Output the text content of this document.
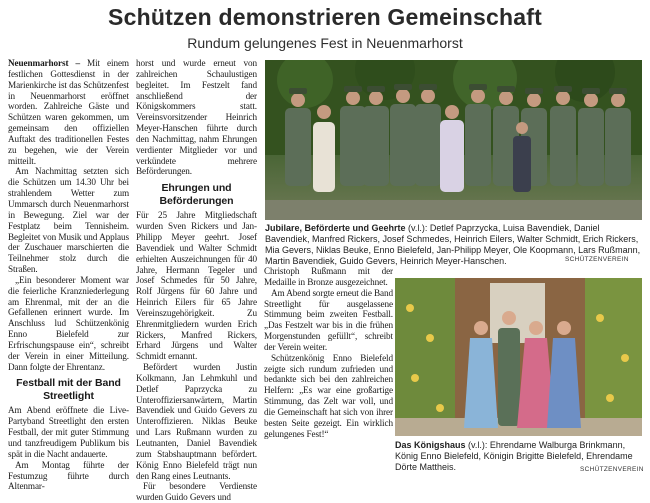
Schützen demonstrieren Gemeinschaft
Rundum gelungenes Fest in Neuenmarhorst

Neuenmarhorst – Mit einem festlichen Gottesdienst in der Marienkirche ist das Schützenfest in Neuenmarhorst eröffnet worden. Zahlreiche Gäste und Schützen waren gekommen, um gemeinsam den offiziellen Auftakt des traditionellen Festes zu begehen, wie der Verein mitteilt.

Am Nachmittag setzten sich die Schützen um 14.30 Uhr bei strahlendem Wetter zum Ummarsch durch Neuenmarhorst in Bewegung. Ziel war der Festplatz beim Tennisheim. Begleitet von Musik und Applaus der Zuschauer marschierten die Teilnehmer stolz durch die Straßen.

„Ein besonderer Moment war die feierliche Kranzniederlegung am Ehrenmal, mit der an die Gefallenen erinnert wurde. Im Anschluss lud Schützenkönig Enno Bielefeld zur Erfrischungspause ein“, schreibt der Verein in einer Mitteilung. Dann folgte der Ehrentanz.

Festball mit der Band Streetlight

Am Abend eröffnete die Live-Partyband Streetlight den ersten Festball, der mit guter Stimmung und tanzfreudigem Publikum bis spät in die Nacht andauerte.

Am Montag führte der Festumzug führte durch Altenmar-

horst und wurde erneut von zahlreichen Schaulustigen begleitet. Im Festzelt fand anschließend der Königskommers statt. Vereinsvorsitzender Heinrich Meyer-Hanschen führte durch den Nachmittag, nahm Ehrungen verdienter Mitglieder vor und verkündete mehrere Beförderungen.

Ehrungen und Beförderungen

Für 25 Jahre Mitgliedschaft wurden Sven Rickers und Jan-Philipp Meyer geehrt. Josef Bavendiek und Walter Schmidt erhielten Auszeichnungen für 40 Jahre, Hermann Tegeler und Josef Schmedes für 50 Jahre, Rolf Jürgens für 60 Jahre und Heinrich Eilers für 65 Jahre Vereinszugehörigkeit. Zu Ehrenmitgliedern wurden Erich Rickers, Manfred Rickers, Erhard Jürgens und Walter Schmidt ernannt.

Befördert wurden Justin Kolkmann, Jan Lehmkuhl und Detlef Paprzycka zu Unteroffiziersanwärtern, Martin Bavendiek und Guido Gevers zu Unteroffizieren. Niklas Beuke und Lars Rußmann wurden zu Leutnanten, Daniel Bavendiek zum Stabshauptmann befördert. König Enno Bielefeld trägt nun den Rang eines Leutnants.

Für besondere Verdienste wurden Guido Gevers und

Jubilare, Beförderte und Geehrte (v.l.): Detlef Paprzycka, Luisa Bavendiek, Daniel Bavendiek, Manfred Rickers, Josef Schmedes, Heinrich Eilers, Walter Schmidt, Erich Rickers, Mia Gevers, Niklas Beuke, Enno Bielefeld, Jan-Philipp Meyer, Ole Koopmann, Lars Rußmann, Martin Bavendiek, Guido Gevers, Heinrich Meyer-Hanschen.	SCHÜTZENVEREIN

Christoph Rußmann mit der Medaille in Bronze ausgezeichnet.

Am Abend sorgte erneut die Band Streetlight für ausgelassene Stimmung beim zweiten Festball. „Das Festzelt war bis in die frühen Morgenstunden gefüllt“, schreibt der Verein weiter.

Schützenkönig Enno Bielefeld zeigte sich rundum zufrieden und bedankte sich bei den zahlreichen Helfern: „Es war eine großartige Stimmung, das Zelt war voll, und die Gemeinschaft hat sich von ihrer besten Seite gezeigt. Ein wirklich gelungenes Fest!“

Das Königshaus (v.l.): Ehrendame Walburga Brinkmann, König Enno Bielefeld, Königin Brigitte Bielefeld, Ehrendame Dörte Mattheis.	SCHÜTZENVEREIN
